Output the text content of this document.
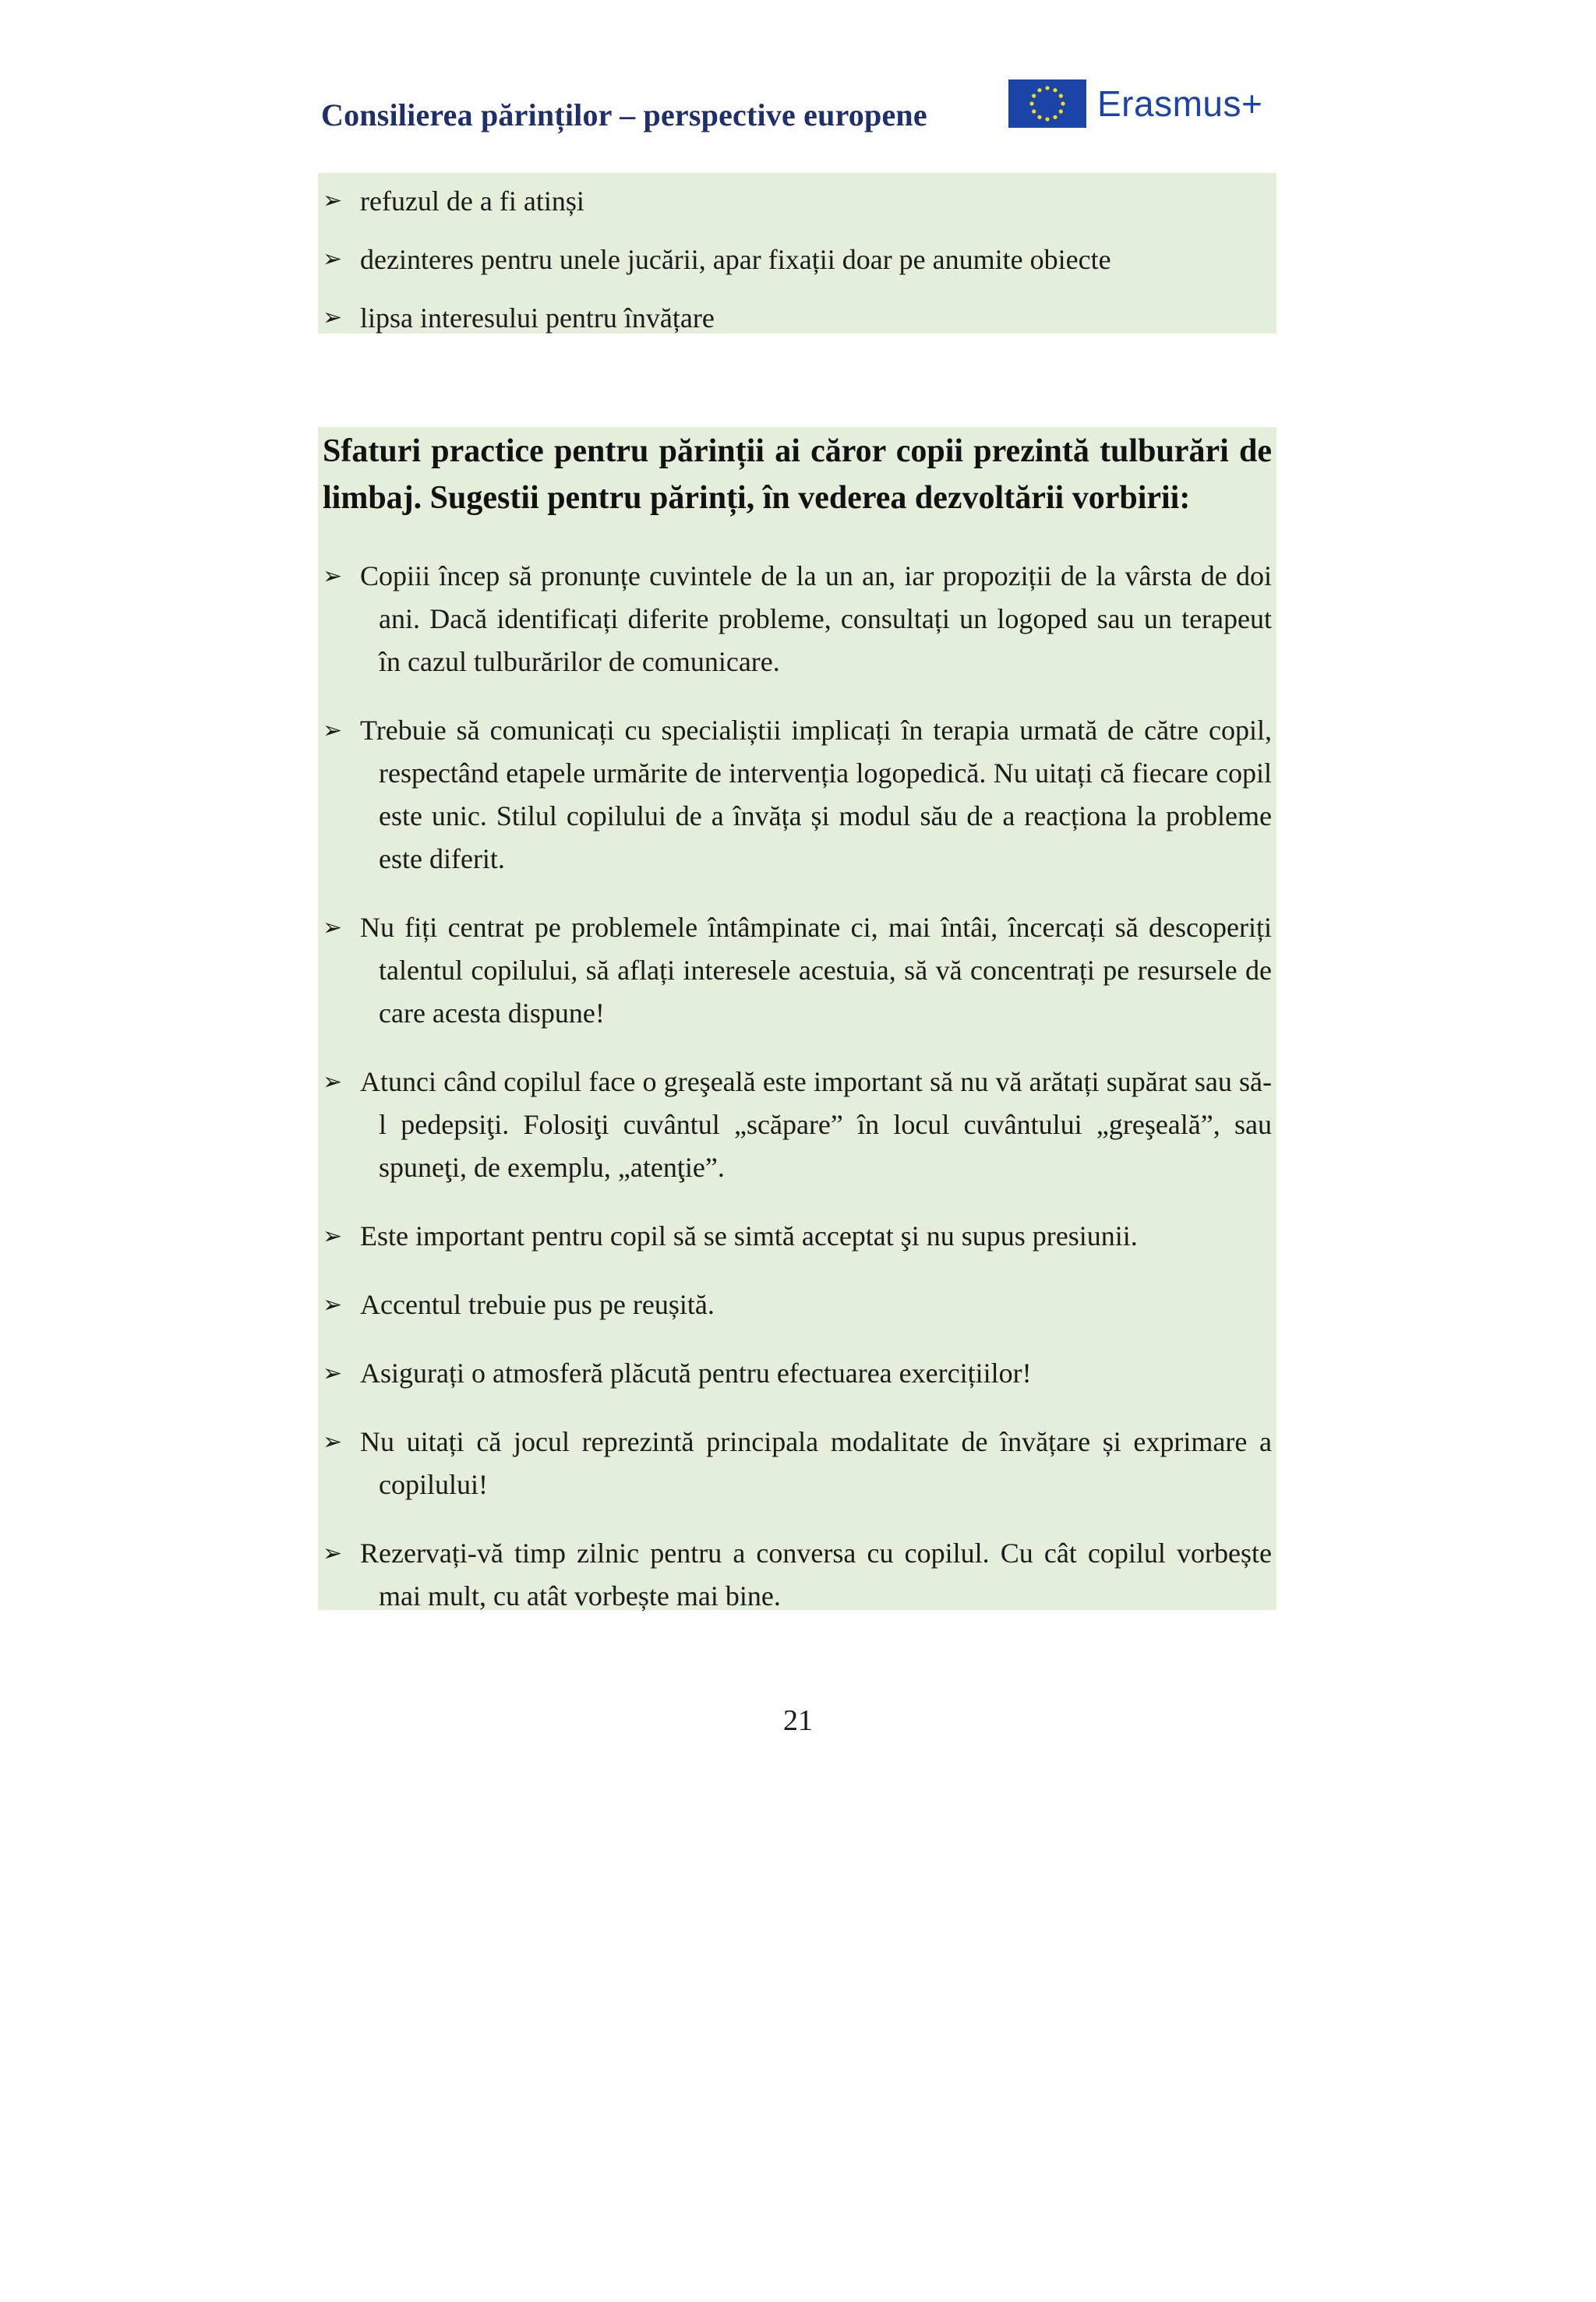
Consilierea părinților – perspective europene	Erasmus+
➢ refuzul de a fi atinși
➢ dezinteres pentru unele jucării, apar fixații doar pe anumite obiecte
➢ lipsa interesului pentru învățare
Sfaturi practice pentru părinții ai căror copii prezintă tulburări de limbaj. Sugestii pentru părinți, în vederea dezvoltării vorbirii:
➢ Copiii încep să pronunțe cuvintele de la un an, iar propoziții de la vârsta de doi ani. Dacă identificați diferite probleme, consultați un logoped sau un terapeut în cazul tulburărilor de comunicare.
➢ Trebuie să comunicați cu specialiștii implicați în terapia urmată de către copil, respectând etapele urmărite de intervenția logopedică. Nu uitați că fiecare copil este unic. Stilul copilului de a învăța și modul său de a reacționa la probleme este diferit.
➢ Nu fiți centrat pe problemele întâmpinate ci, mai întâi, încercați să descoperiți talentul copilului, să aflați interesele acestuia, să vă concentrați pe resursele de care acesta dispune!
➢ Atunci când copilul face o greşeală este important să nu vă arătați supărat sau să-l pedepsiţi. Folosiţi cuvântul „scăpare” în locul cuvântului „greşeală”, sau spuneţi, de exemplu, „atenţie”.
➢ Este important pentru copil să se simtă acceptat şi nu supus presiunii.
➢ Accentul trebuie pus pe reușită.
➢ Asigurați o atmosferă plăcută pentru efectuarea exercițiilor!
➢ Nu uitați că jocul reprezintă principala modalitate de învățare și exprimare a copilului!
➢ Rezervați-vă timp zilnic pentru a conversa cu copilul. Cu cât copilul vorbește mai mult, cu atât vorbește mai bine.
21
